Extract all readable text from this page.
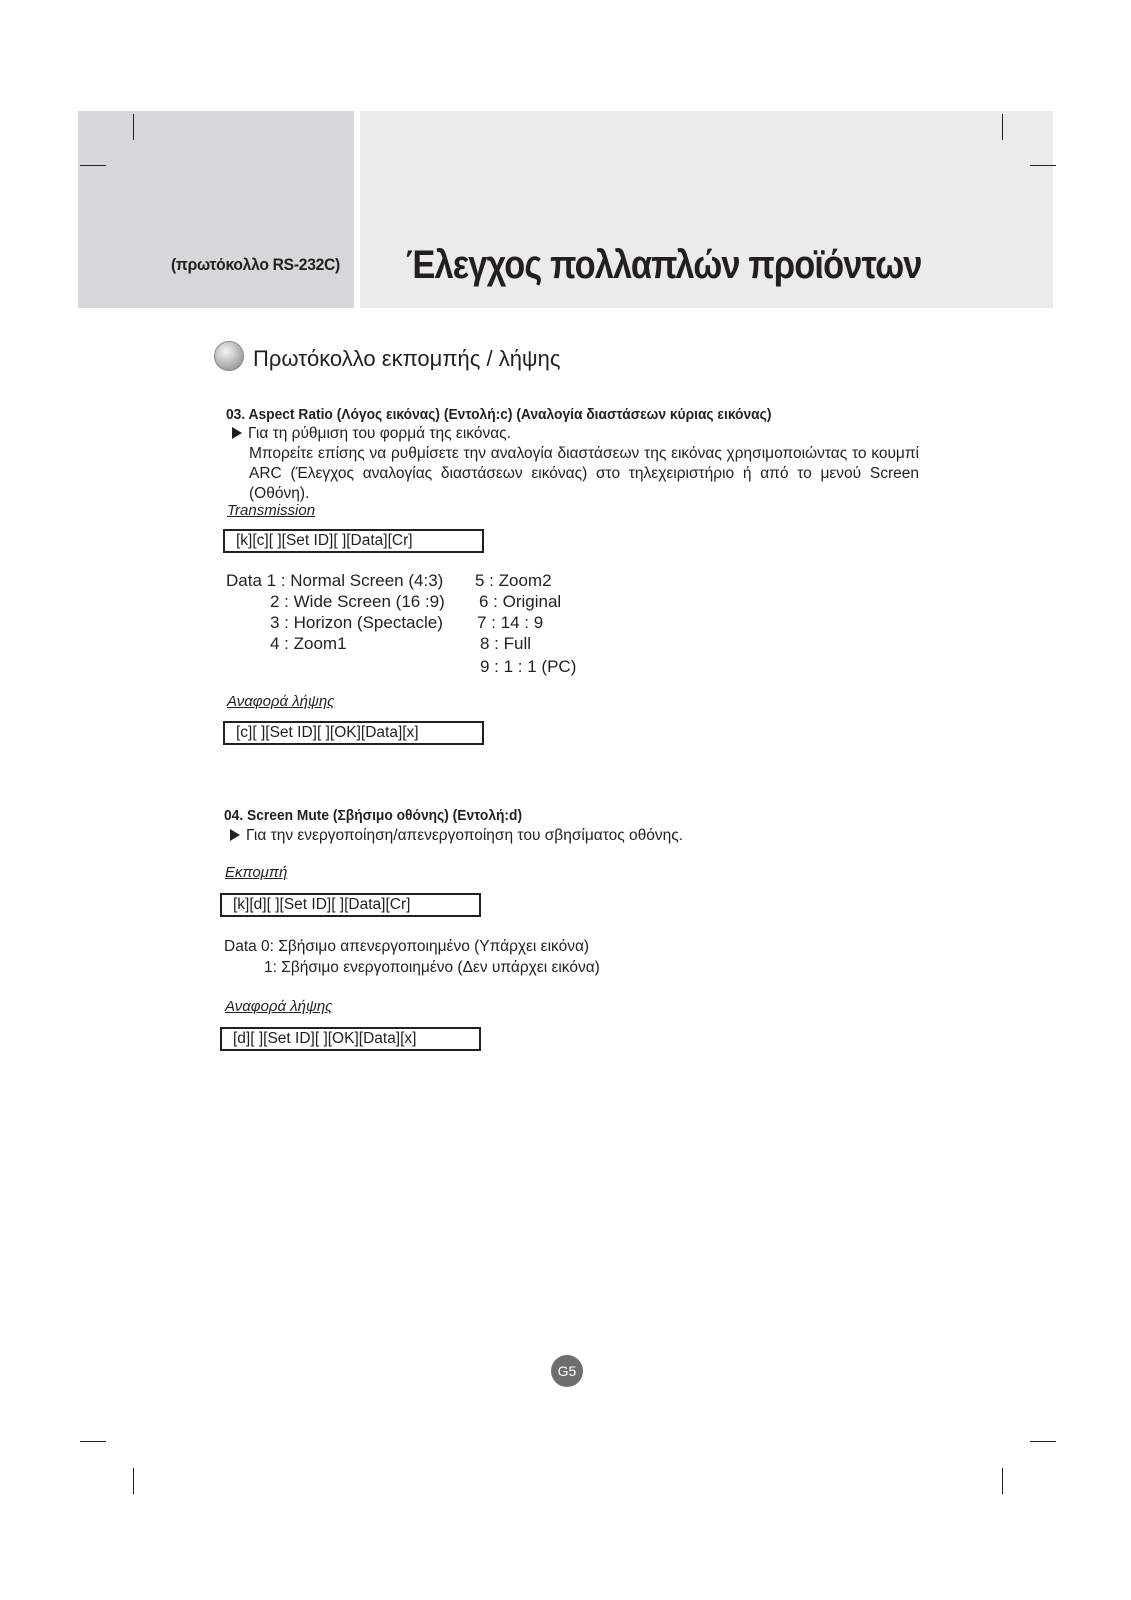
(πρωτόκολλο RS-232C) Έλεγχος πολλαπλών προϊόντων
Πρωτόκολλο εκπομπής / λήψης
03. Aspect Ratio (Λόγος εικόνας) (Εντολή:c) (Αναλογία διαστάσεων κύριας εικόνας)
Για τη ρύθμιση του φορμά της εικόνας.
Μπορείτε επίσης να ρυθμίσετε την αναλογία διαστάσεων της εικόνας χρησιμοποιώντας το κουμπί ARC (Έλεγχος αναλογίας διαστάσεων εικόνας) στο τηλεχειριστήριο ή από το μενού Screen (Οθόνη).
Transmission
[k][c][ ][Set ID][ ][Data][Cr]
Data 1 : Normal Screen (4:3)
2 : Wide Screen (16 :9)
3 : Horizon (Spectacle)
4 : Zoom1
5 : Zoom2
6 : Original
7 : 14 : 9
8 : Full
9 : 1 : 1 (PC)
Αναφορά λήψης
[c][ ][Set ID][ ][OK][Data][x]
04. Screen Mute (Σβήσιμο οθόνης) (Εντολή:d)
Για την ενεργοποίηση/απενεργοποίηση του σβησίματος οθόνης.
Εκπομπή
[k][d][ ][Set ID][ ][Data][Cr]
Data 0: Σβήσιμο απενεργοποιημένο (Υπάρχει εικόνα)
1: Σβήσιμο ενεργοποιημένο (Δεν υπάρχει εικόνα)
Αναφορά λήψης
[d][ ][Set ID][ ][OK][Data][x]
G5
